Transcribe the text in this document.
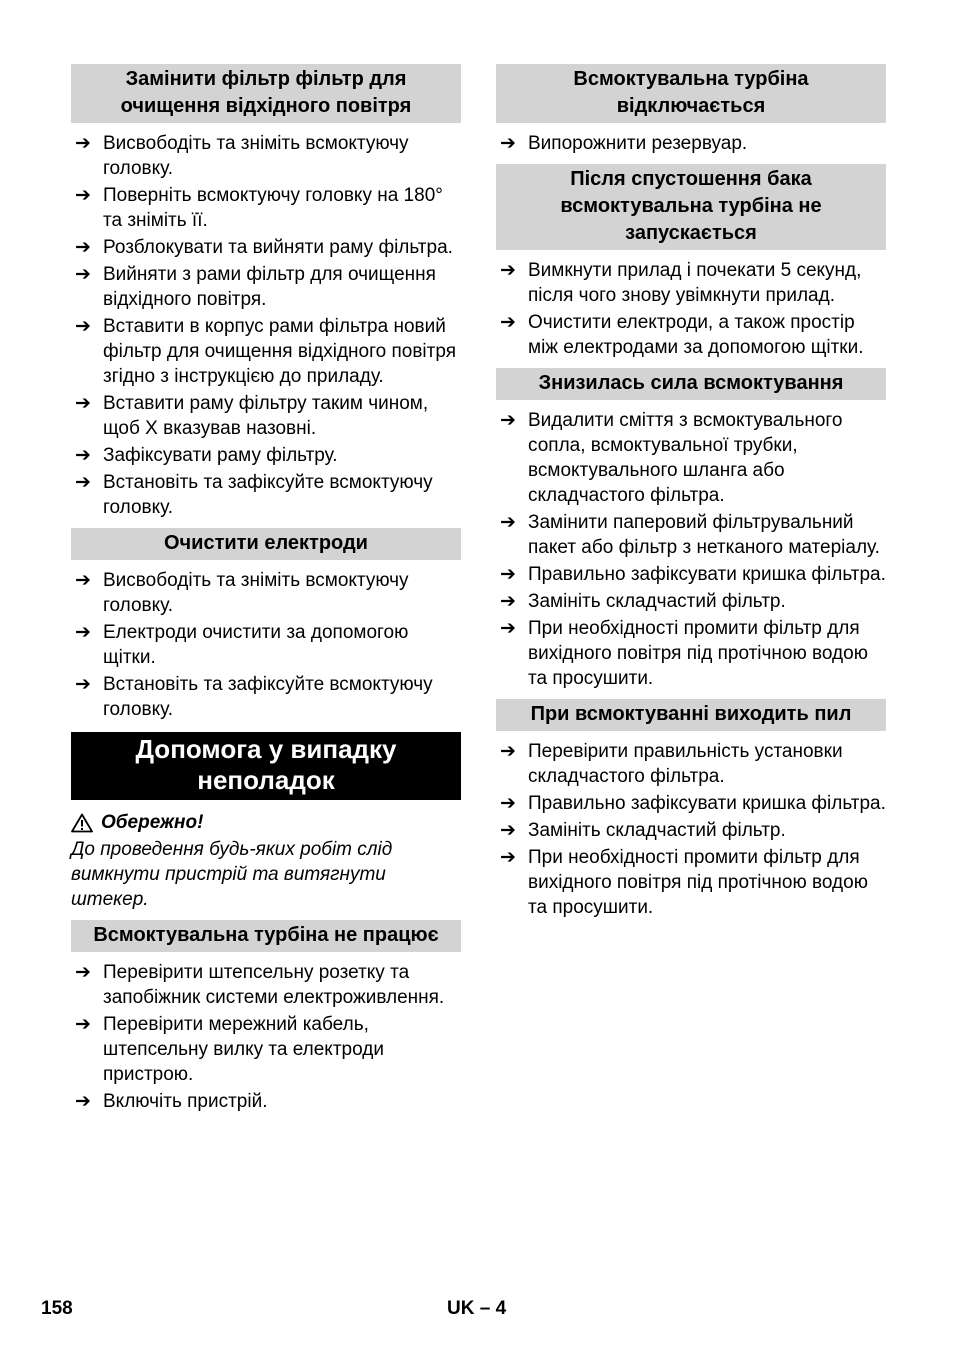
Замінити фільтр фільтр для очищення відхідного повітря
➔ Висвободіть та зніміть всмоктуючу головку.
➔ Поверніть всмоктуючу головку на 180° та зніміть її.
➔ Розблокувати та вийняти раму фільтра.
➔ Вийняти з рами фільтр для очищення відхідного повітря.
➔ Вставити в корпус рами фільтра новий фільтр для очищення відхідного повітря згідно з інструкцією до приладу.
➔ Вставити раму фільтру таким чином, щоб X вказував назовні.
➔ Зафіксувати раму фільтру.
➔ Встановіть та зафіксуйте всмоктуючу головку.
Очистити електроди
➔ Висвободіть та зніміть всмоктуючу головку.
➔ Електроди очистити за допомогою щітки.
➔ Встановіть та зафіксуйте всмоктуючу головку.
Допомога у випадку неполадок
Обережно!
До проведення будь-яких робіт слід вимкнути пристрій та витягнути штекер.
Всмоктувальна турбіна не працює
➔ Перевірити штепсельну розетку та запобіжник системи електроживлення.
➔ Перевірити мережний кабель, штепсельну вилку та електроди пристрою.
➔ Включіть пристрій.
Всмоктувальна турбіна відключається
➔ Випорожнити резервуар.
Після спустошення бака всмоктувальна турбіна не запускається
➔ Вимкнути прилад і почекати 5 секунд, після чого знову увімкнути прилад.
➔ Очистити електроди, а також простір між електродами за допомогою щітки.
Знизилась сила всмоктування
➔ Видалити сміття з всмоктувального сопла, всмоктувальної трубки, всмоктувального шланга або складчастого фільтра.
➔ Замінити паперовий фільтрувальний пакет або фільтр з нетканого матеріалу.
➔ Правильно зафіксувати кришка фільтра.
➔ Замініть складчастий фільтр.
➔ При необхідності промити фільтр для вихідного повітря під протічною водою та просушити.
При всмоктуванні виходить пил
➔ Перевірити правильність установки складчастого фільтра.
➔ Правильно зафіксувати кришка фільтра.
➔ Замініть складчастий фільтр.
➔ При необхідності промити фільтр для вихідного повітря під протічною водою та просушити.
158	UK – 4
